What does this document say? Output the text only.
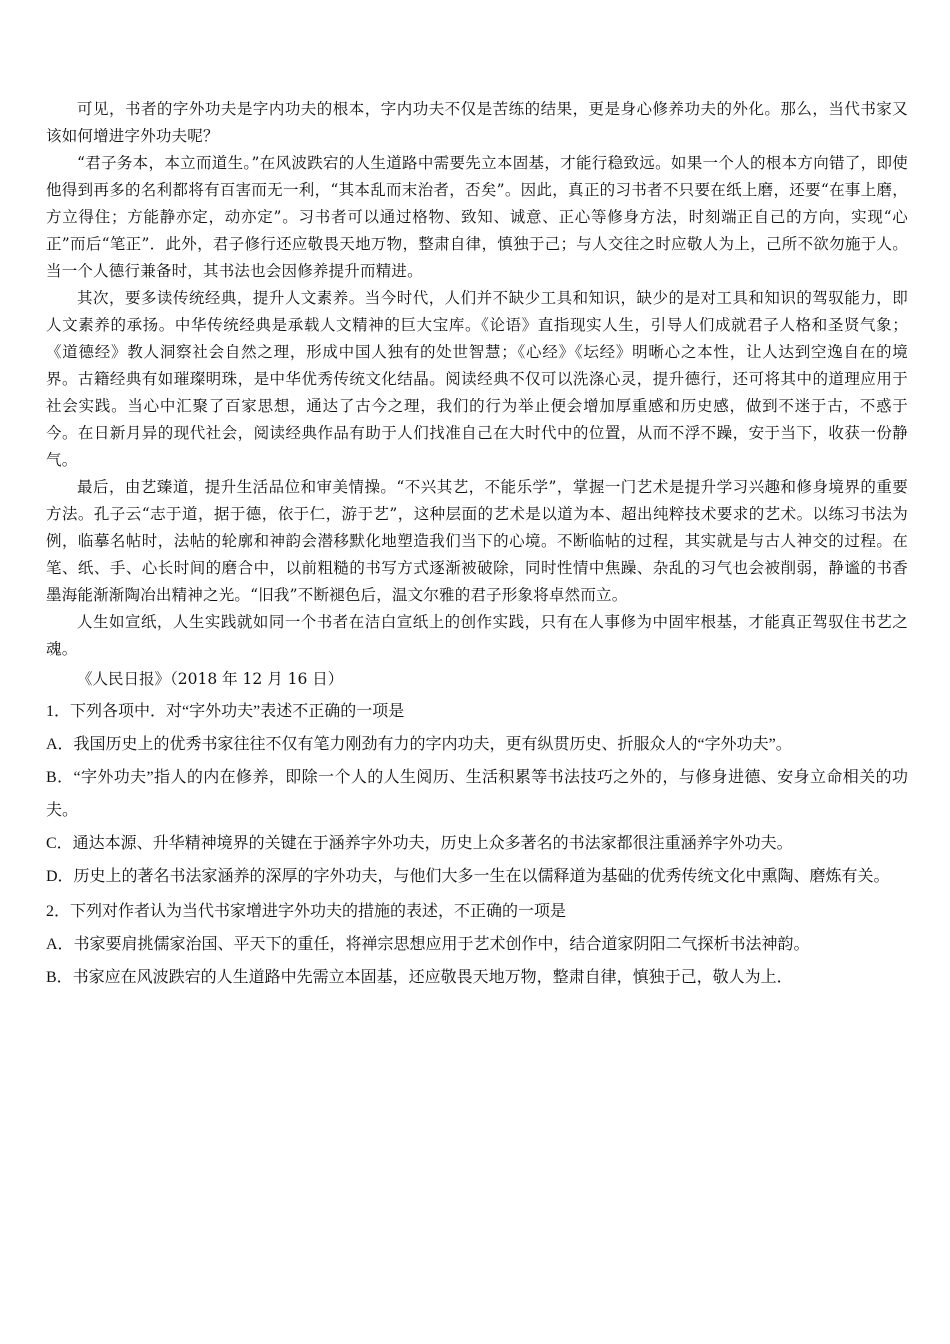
可见，书者的字外功夫是字内功夫的根本，字内功夫不仅是苦练的结果，更是身心修养功夫的外化。那么，当代书家又该如何增进字外功夫呢？

“君子务本，本立而道生。”在风波跌宕的人生道路中需要先立本固基，才能行稳致远。如果一个人的根本方向错了，即使他得到再多的名利都将有百害而无一利，“其本乱而末治者，否矣”。因此，真正的习书者不只要在纸上磨，还要“在事上磨，方立得住；方能静亦定，动亦定”。习书者可以通过格物、致知、诚意、正心等修身方法，时刻端正自己的方向，实现“心正”而后“笔正”．此外，君子修行还应敬畏天地万物，整肃自律，慎独于己；与人交往之时应敬人为上，己所不欲勿施于人。当一个人德行兼备时，其书法也会因修养提升而精进。

其次，要多读传统经典，提升人文素养。当今时代，人们并不缺少工具和知识，缺少的是对工具和知识的驾驭能力，即人文素养的承扬。中华传统经典是承载人文精神的巨大宝库。《论语》直指现实人生，引导人们成就君子人格和圣贤气象；《道德经》教人洞察社会自然之理，形成中国人独有的处世智慧；《心经》《坛经》明晰心之本性，让人达到空逸自在的境界。古籍经典有如璀璨明珠，是中华优秀传统文化结晶。阅读经典不仅可以洗涤心灵，提升德行，还可将其中的道理应用于社会实践。当心中汇聚了百家思想，通达了古今之理，我们的行为举止便会增加厚重感和历史感，做到不迷于古，不惑于今。在日新月异的现代社会，阅读经典作品有助于人们找准自己在大时代中的位置，从而不浮不躁，安于当下，收获一份静气。

最后，由艺臻道，提升生活品位和审美情操。“不兴其艺，不能乐学”，掌握一门艺术是提升学习兴趣和修身境界的重要方法。孔子云“志于道，据于德，依于仁，游于艺”，这种层面的艺术是以道为本、超出纯粹技术要求的艺术。以练习书法为例，临摹名帖时，法帖的轮廓和神韵会潜移默化地塑造我们当下的心境。不断临帖的过程，其实就是与古人神交的过程。在笔、纸、手、心长时间的磨合中，以前粗糙的书写方式逐渐被破除，同时性情中焦躁、杂乱的习气也会被削弱，静谧的书香墨海能渐渐陶冶出精神之光。“旧我”不断褪色后，温文尔雅的君子形象将卓然而立。

人生如宣纸，人生实践就如同一个书者在洁白宣纸上的创作实践，只有在人事修为中固牢根基，才能真正驾驭住书艺之魂。

《人民日报》（2018 年 12 月 16 日）

1．下列各项中．对“字外功夫”表述不正确的一项是

A．我国历史上的优秀书家往往不仅有笔力刚劲有力的字内功夫，更有纵贯历史、折服众人的“字外功夫”。

B．“字外功夫”指人的内在修养，即除一个人的人生阅历、生活积累等书法技巧之外的，与修身进德、安身立命相关的功夫。

C．通达本源、升华精神境界的关键在于涵养字外功夫，历史上众多著名的书法家都很注重涵养字外功夫。

D．历史上的著名书法家涵养的深厚的字外功夫，与他们大多一生在以儒释道为基础的优秀传统文化中熏陶、磨炼有关。

2．下列对作者认为当代书家增进字外功夫的措施的表述，不正确的一项是

A．书家要肩挑儒家治国、平天下的重任，将禅宗思想应用于艺术创作中，结合道家阴阳二气探析书法神韵。

B．书家应在风波跌宕的人生道路中先需立本固基，还应敬畏天地万物，整肃自律，慎独于己，敬人为上．
